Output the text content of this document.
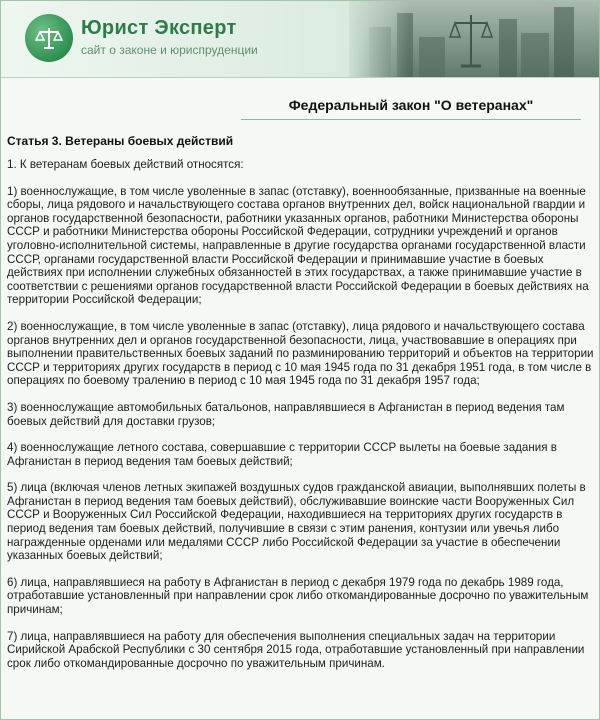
Юрист Эксперт
сайт о законе и юриспруденции
Федеральный закон "О ветеранах"
Статья 3. Ветераны боевых действий

1. К ветеранам боевых действий относятся:

1) военнослужащие, в том числе уволенные в запас (отставку), военнообязанные, призванные на военные сборы, лица рядового и начальствующего состава органов внутренних дел, войск национальной гвардии и органов государственной безопасности, работники указанных органов, работники Министерства обороны СССР и работники Министерства обороны Российской Федерации, сотрудники учреждений и органов уголовно-исполнительной системы, направленные в другие государства органами государственной власти СССР, органами государственной власти Российской Федерации и принимавшие участие в боевых действиях при исполнении служебных обязанностей в этих государствах, а также принимавшие участие в соответствии с решениями органов государственной власти Российской Федерации в боевых действиях на территории Российской Федерации;

2) военнослужащие, в том числе уволенные в запас (отставку), лица рядового и начальствующего состава органов внутренних дел и органов государственной безопасности, лица, участвовавшие в операциях при выполнении правительственных боевых заданий по разминированию территорий и объектов на территории СССР и территориях других государств в период с 10 мая 1945 года по 31 декабря 1951 года, в том числе в операциях по боевому тралению в период с 10 мая 1945 года по 31 декабря 1957 года;

3) военнослужащие автомобильных батальонов, направлявшиеся в Афганистан в период ведения там боевых действий для доставки грузов;

4) военнослужащие летного состава, совершавшие с территории СССР вылеты на боевые задания в Афганистан в период ведения там боевых действий;

5) лица (включая членов летных экипажей воздушных судов гражданской авиации, выполнявших полеты в Афганистан в период ведения там боевых действий), обслуживавшие воинские части Вооруженных Сил СССР и Вооруженных Сил Российской Федерации, находившиеся на территориях других государств в период ведения там боевых действий, получившие в связи с этим ранения, контузии или увечья либо награжденные орденами или медалями СССР либо Российской Федерации за участие в обеспечении указанных боевых действий;

6) лица, направлявшиеся на работу в Афганистан в период с декабря 1979 года по декабрь 1989 года, отработавшие установленный при направлении срок либо откомандированные досрочно по уважительным причинам;

7) лица, направлявшиеся на работу для обеспечения выполнения специальных задач на территории Сирийской Арабской Республики с 30 сентября 2015 года, отработавшие установленный при направлении срок либо откомандированные досрочно по уважительным причинам.
